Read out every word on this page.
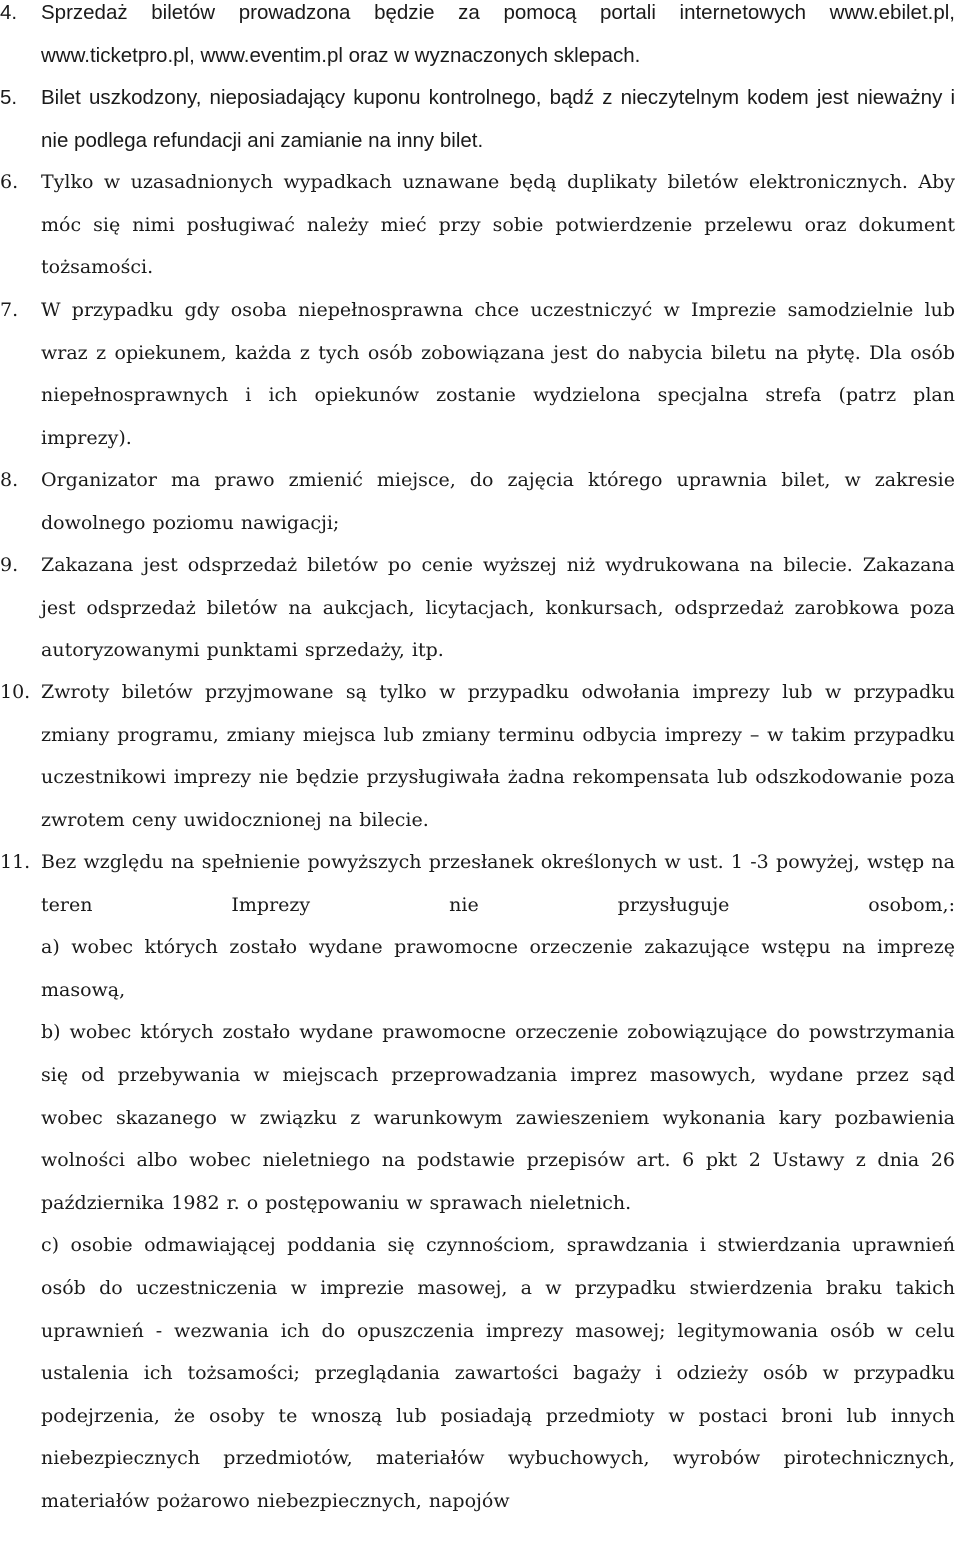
4. Sprzedaż biletów prowadzona będzie za pomocą portali internetowych www.ebilet.pl, www.ticketpro.pl, www.eventim.pl oraz w wyznaczonych sklepach.
5. Bilet uszkodzony, nieposiadający kuponu kontrolnego, bądź z nieczytelnym kodem jest nieważny i nie podlega refundacji ani zamianie na inny bilet.
6. Tylko w uzasadnionych wypadkach uznawane będą duplikaty biletów elektronicznych. Aby móc się nimi posługiwać należy mieć przy sobie potwierdzenie przelewu oraz dokument tożsamości.
7. W przypadku gdy osoba niepełnosprawna chce uczestniczyć w Imprezie samodzielnie lub wraz z opiekunem, każda z tych osób zobowiązana jest do nabycia biletu na płytę. Dla osób niepełnosprawnych i ich opiekunów zostanie wydzielona specjalna strefa (patrz plan imprezy).
8. Organizator ma prawo zmienić miejsce, do zajęcia którego uprawnia bilet, w zakresie dowolnego poziomu nawigacji;
9. Zakazana jest odsprzedaż biletów po cenie wyższej niż wydrukowana na bilecie. Zakazana jest odsprzedaż biletów na aukcjach, licytacjach, konkursach, odsprzedaż zarobkowa poza autoryzowanymi punktami sprzedaży, itp.
10. Zwroty biletów przyjmowane są tylko w przypadku odwołania imprezy lub w przypadku zmiany programu, zmiany miejsca lub zmiany terminu odbycia imprezy – w takim przypadku uczestnikowi imprezy nie będzie przysługiwała żadna rekompensata lub odszkodowanie poza zwrotem ceny uwidocznionej na bilecie.
11. Bez względu na spełnienie powyższych przesłanek określonych w ust. 1 -3 powyżej, wstęp na teren Imprezy nie przysługuje osobom,:
a) wobec których zostało wydane prawomocne orzeczenie zakazujące wstępu na imprezę masową,
b) wobec których zostało wydane prawomocne orzeczenie zobowiązujące do powstrzymania się od przebywania w miejscach przeprowadzania imprez masowych, wydane przez sąd wobec skazanego w związku z warunkowym zawieszeniem wykonania kary pozbawienia wolności albo wobec nieletniego na podstawie przepisów art. 6 pkt 2 Ustawy z dnia 26 października 1982 r. o postępowaniu w sprawach nieletnich.
c) osobie odmawiającej poddania się czynnościom, sprawdzania i stwierdzania uprawnień osób do uczestniczenia w imprezie masowej, a w przypadku stwierdzenia braku takich uprawnień - wezwania ich do opuszczenia imprezy masowej; legitymowania osób w celu ustalenia ich tożsamości; przeglądania zawartości bagaży i odzieży osób w przypadku podejrzenia, że osoby te wnoszą lub posiadają przedmioty w postaci broni lub innych niebezpiecznych przedmiotów, materiałów wybuchowych, wyrobów pirotechnicznych, materiałów pożarowo niebezpiecznych, napojów
